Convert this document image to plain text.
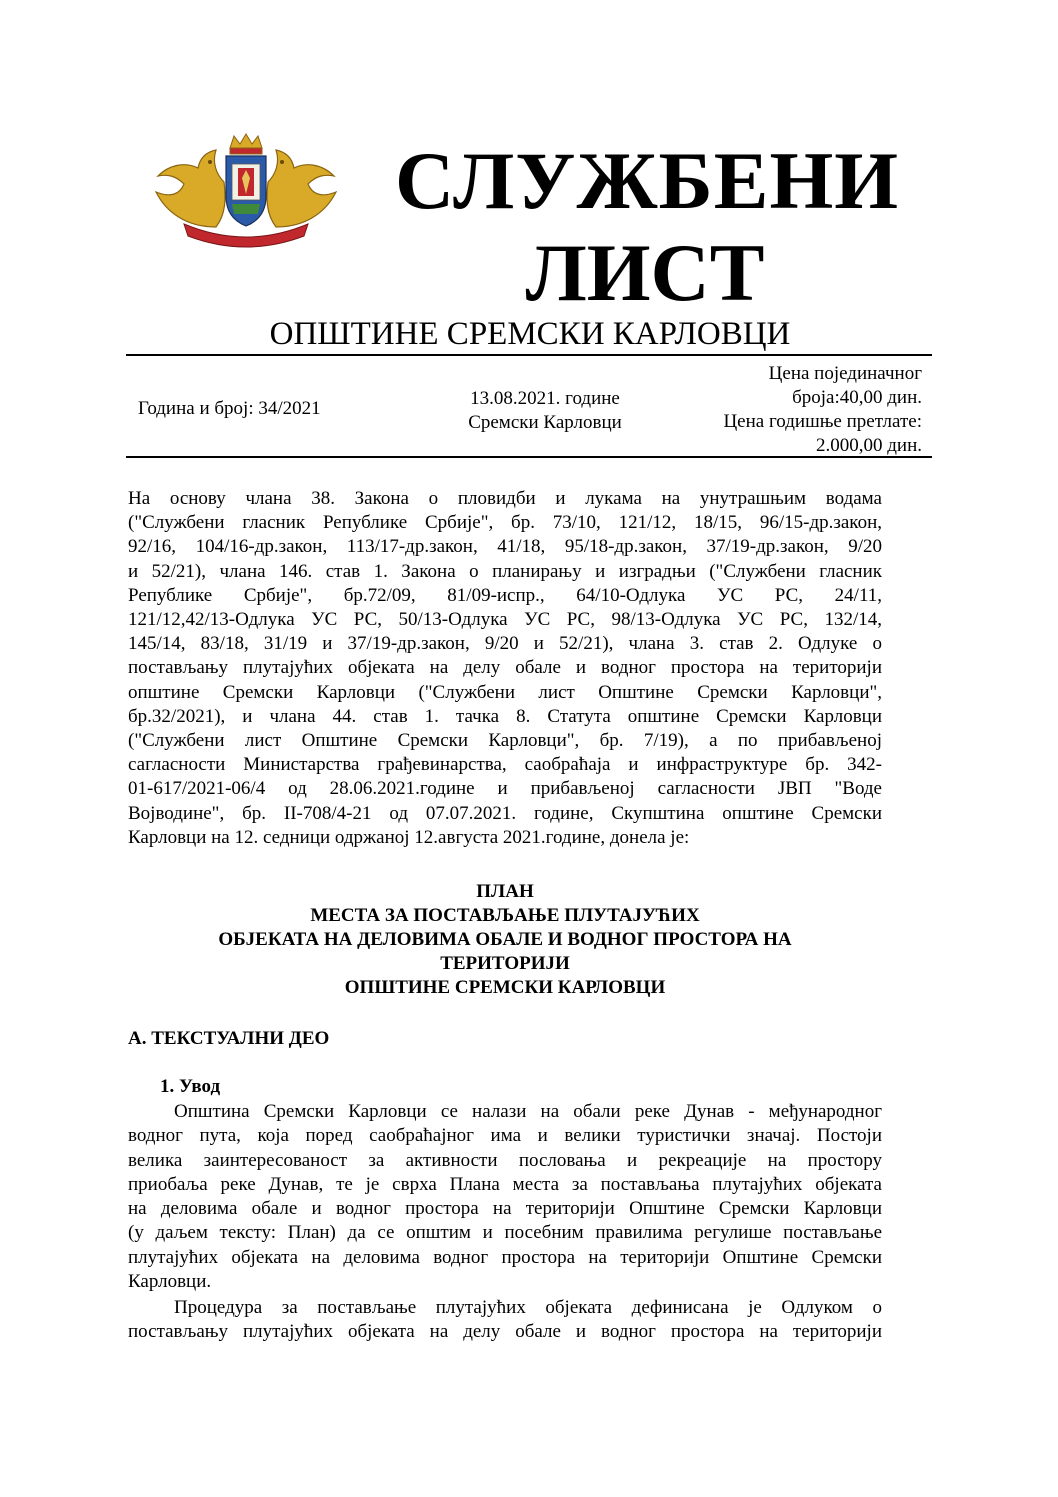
СЛУЖБЕНИ
ЛИСТ
ОПШТИНЕ СРЕМСКИ КАРЛОВЦИ
Година и број: 34/2021	13.08.2021. године
Сремски Карловци
Цена појединачног
броја:40,00 дин.
Цена годишње претлате:
2.000,00 дин.
На основу члана 38. Закона о пловидби и лукама на унутрашњим водама
("Службени гласник Републике Србије", бр. 73/10, 121/12, 18/15, 96/15-др.закон,
92/16, 104/16-др.закон, 113/17-др.закон, 41/18, 95/18-др.закон, 37/19-др.закон, 9/20
и 52/21), члана 146. став 1. Закона о планирању и изградњи ("Службени гласник
Републике Србије", бр.72/09, 81/09-испр., 64/10-Одлука УС РС, 24/11,
121/12,42/13-Одлука УС РС, 50/13-Одлука УС РС, 98/13-Одлука УС РС, 132/14,
145/14, 83/18, 31/19 и 37/19-др.закон, 9/20 и 52/21), члана 3. став 2. Одлуке о
постављању плутајућих објеката на делу обале и водног простора на територији
општине Сремски Карловци ("Службени лист Општине Сремски Карловци",
бр.32/2021), и члана 44. став 1. тачка 8. Статута општине Сремски Карловци
("Службени лист Општине Сремски Карловци", бр. 7/19), а по прибављеној
сагласности Министарства грађевинарства, саобраћаја и инфраструктуре бр. 342-
01-617/2021-06/4 од 28.06.2021.године и прибављеној сагласности ЈВП "Воде
Војводине", бр. II-708/4-21 од 07.07.2021. године, Скупштина општине Сремски
Карловци на 12. седници одржаној 12.августа 2021.године, донела је:
ПЛАН
МЕСТА ЗА ПОСТАВЉАЊЕ ПЛУТАЈУЋИХ
ОБЈЕКАТА НА ДЕЛОВИМА ОБАЛЕ И ВОДНОГ ПРОСТОРА НА
ТЕРИТОРИЈИ
ОПШТИНЕ СРЕМСКИ КАРЛОВЦИ
А. ТЕКСТУАЛНИ ДЕО
1. Увод
Општина Сремски Карловци се налази на обали реке Дунав - међународног
водног пута, која поред саобраћајног има и велики туристички значај. Постоји
велика заинтересованост за активности пословања и рекреације на простору
приобаља реке Дунав, те је сврха Плана места за постављања плутајућих објеката
на деловима обале и водног простора на територији Општине Сремски Карловци
(у даљем тексту: План) да се општим и посебним правилима регулише постављање
плутајућих објеката на деловима водног простора на територији Општине Сремски
Карловци.
Процедура за постављање плутајућих објеката дефинисана је Одлуком о
постављању плутајућих објеката на делу обале и водног простора на територији
